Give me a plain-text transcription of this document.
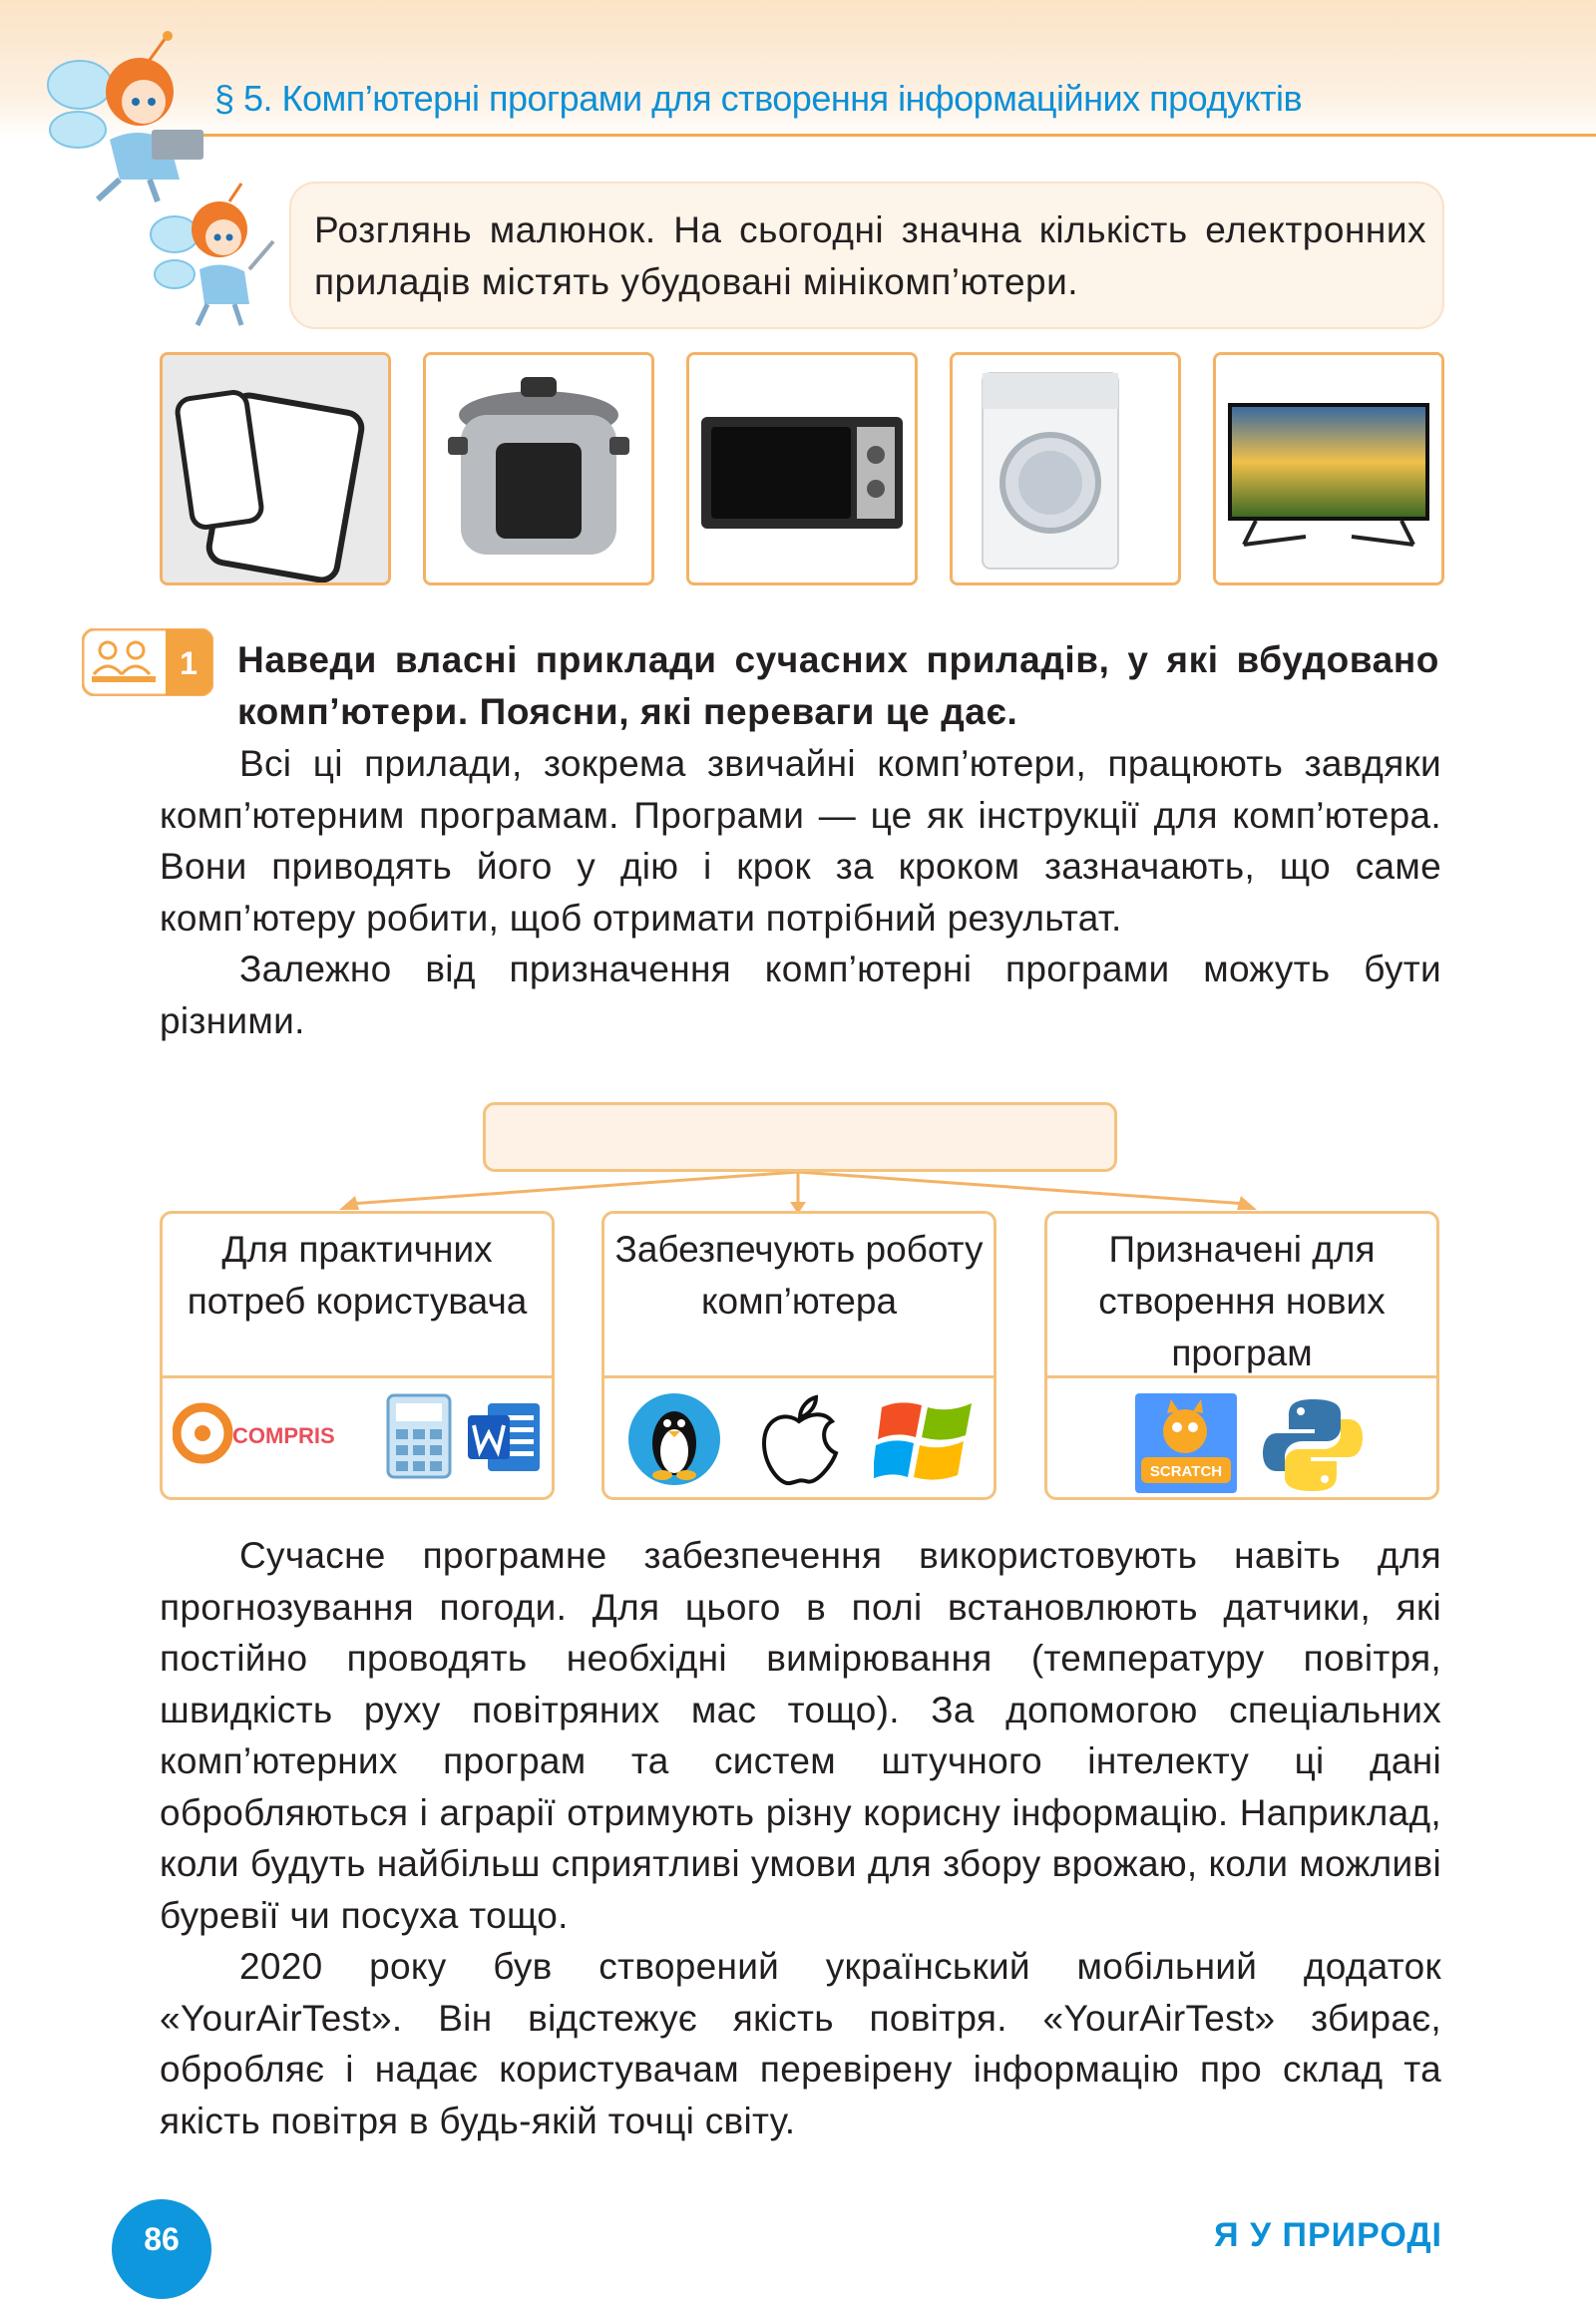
§ 5. Комп’ютерні програми для створення інформаційних продуктів
Розглянь малюнок. На сьогодні значна кількість електронних приладів містять убудовані мінікомп’ютери.
1 Наведи власні приклади сучасних приладів, у які вбудовано комп’ютери. Поясни, які переваги це дає.

Всі ці прилади, зокрема звичайні комп’ютери, працюють завдяки комп’ютерним програмам. Програми — це як інструкції для комп’ютера. Вони приводять його у дію і крок за кроком зазначають, що саме комп’ютеру робити, щоб отримати потрібний результат.

Залежно від призначення комп’ютерні програми можуть бути різними.

Для практичних потреб користувача
COMPRIS
Забезпечують роботу комп’ютера
Призначені для створення нових програм
SCRATCH

Сучасне програмне забезпечення використовують навіть для прогнозування погоди. Для цього в полі встановлюють датчики, які постійно проводять необхідні вимірювання (температуру повітря, швидкість руху повітряних мас тощо). За допомогою спеціальних комп’ютерних програм та систем штучного інтелекту ці дані обробляються і аграрії отримують різну корисну інформацію. Наприклад, коли будуть найбільш сприятливі умови для збору врожаю, коли можливі буревії чи посуха тощо.

2020 року був створений український мобільний додаток «YourAirTest». Він відстежує якість повітря. «YourAirTest» збирає, обробляє і надає користувачам перевірену інформацію про склад та якість повітря в будь-якій точці світу.

86	Я У ПРИРОДІ
